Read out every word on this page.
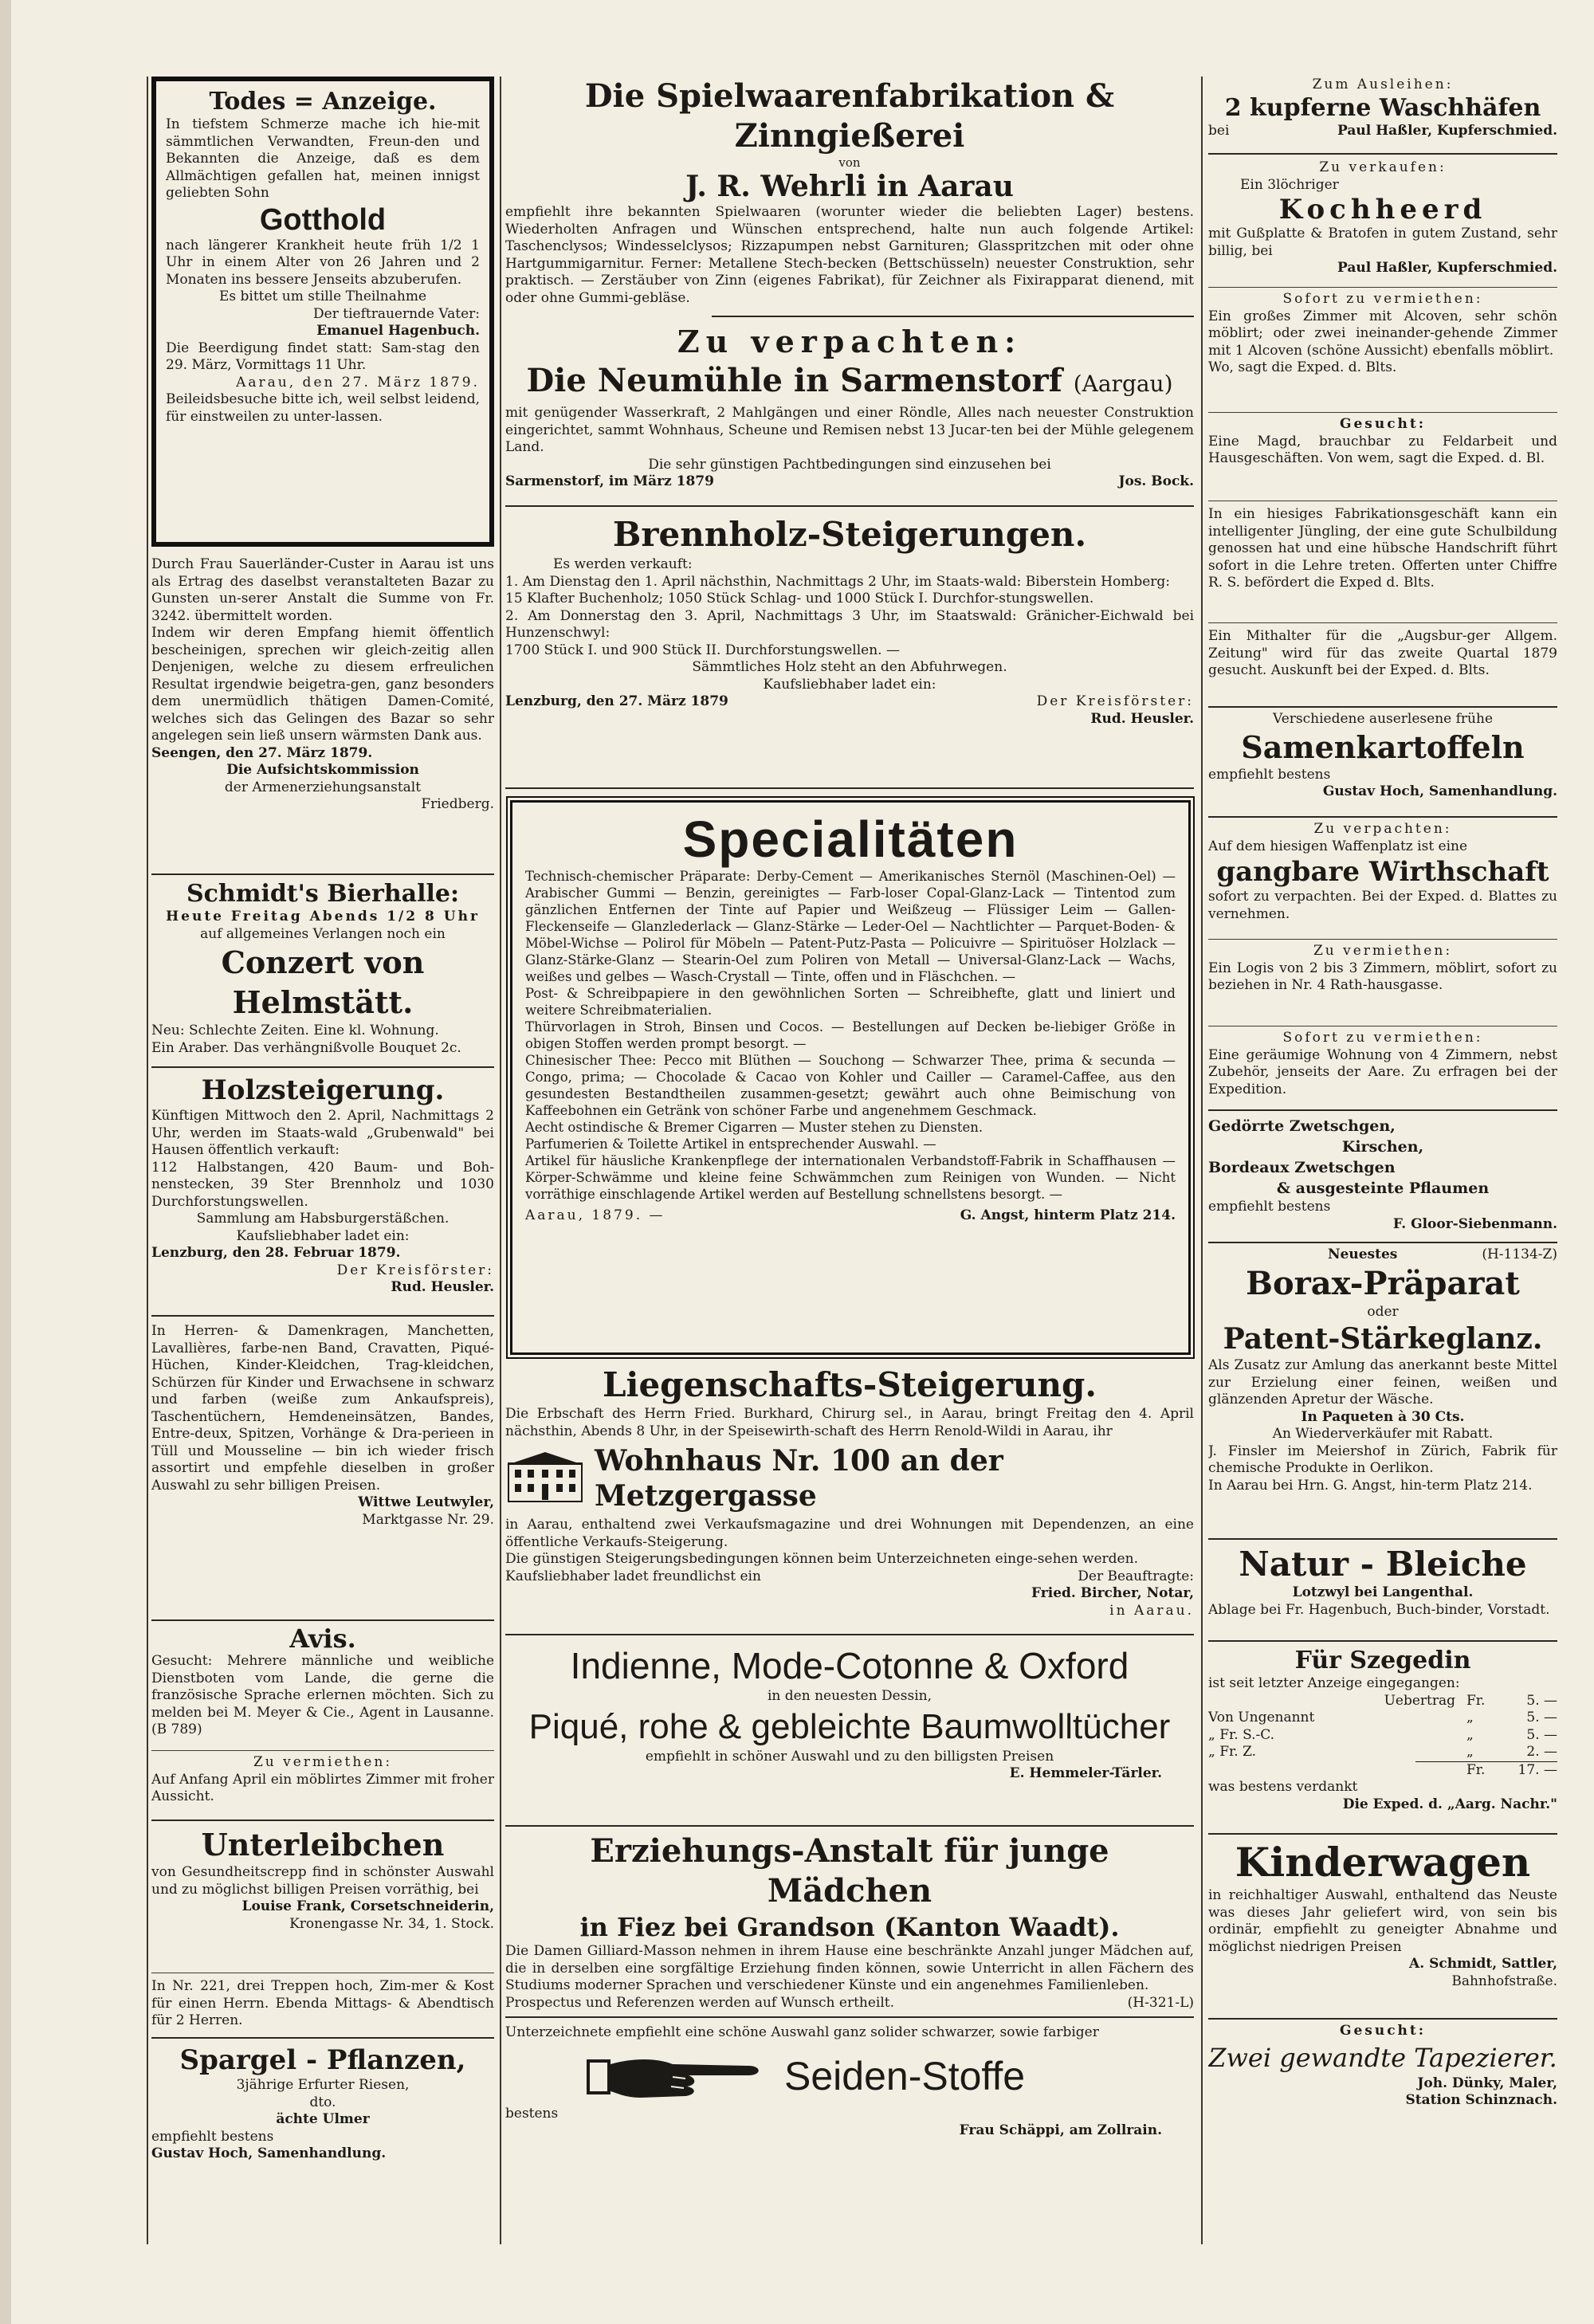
Todes = Anzeige.

In tiefstem Schmerze mache ich hie-mit sämmtlichen Verwandten, Freun-den und Bekannten die Anzeige, daß es dem Allmächtigen gefallen hat, meinen innigst geliebten Sohn

Gotthold

nach längerer Krankheit heute früh 1/2 1 Uhr in einem Alter von 26 Jahren und 2 Monaten ins bessere Jenseits abzuberufen.

Es bittet um stille Theilnahme

Der tieftrauernde Vater:

Emanuel Hagenbuch.

Die Beerdigung findet statt: Sam-stag den 29. März, Vormittags 11 Uhr.

Aarau, den 27. März 1879.

Beileidsbesuche bitte ich, weil selbst leidend, für einstweilen zu unter-lassen.

Durch Frau Sauerländer-Custer in Aarau ist uns als Ertrag des daselbst veranstalteten Bazar zu Gunsten un-serer Anstalt die Summe von Fr. 3242. übermittelt worden.

Indem wir deren Empfang hiemit öffentlich bescheinigen, sprechen wir gleich-zeitig allen Denjenigen, welche zu diesem erfreulichen Resultat irgendwie beigetra-gen, ganz besonders dem unermüdlich thätigen Damen-Comité, welches sich das Gelingen des Bazar so sehr angelegen sein ließ unsern wärmsten Dank aus.

Seengen, den 27. März 1879.

Die Aufsichtskommission

der Armenerziehungsanstalt

Friedberg.

Schmidt's Bierhalle:

Heute Freitag Abends 1/2 8 Uhr

auf allgemeines Verlangen noch ein

Conzert von Helmstätt.

Neu: Schlechte Zeiten. Eine kl. Wohnung.

Ein Araber. Das verhängnißvolle Bouquet 2c.

Holzsteigerung.

Künftigen Mittwoch den 2. April, Nachmittags 2 Uhr, werden im Staats-wald „Grubenwald" bei Hausen öffentlich verkauft:

112 Halbstangen, 420 Baum- und Boh-nenstecken, 39 Ster Brennholz und 1030 Durchforstungswellen.

Sammlung am Habsburgerstäßchen.

Kaufsliebhaber ladet ein:

Lenzburg, den 28. Februar 1879.

Der Kreisförster:

Rud. Heusler.

In Herren- & Damenkragen, Manchetten, Lavallières, farbe-nen Band, Cravatten, Piqué-Hüchen, Kinder-Kleidchen, Trag-kleidchen, Schürzen für Kinder und Erwachsene in schwarz und farben (weiße zum Ankaufspreis), Taschentüchern, Hemdeneinsätzen, Bandes, Entre-deux, Spitzen, Vorhänge & Dra-perieen in Tüll und Mousseline — bin ich wieder frisch assortirt und empfehle dieselben in großer Auswahl zu sehr billigen Preisen.

Wittwe Leutwyler,

Marktgasse Nr. 29.

Avis.

Gesucht: Mehrere männliche und weibliche Dienstboten vom Lande, die gerne die französische Sprache erlernen möchten. Sich zu melden bei M. Meyer & Cie., Agent in Lausanne. (B 789)

Zu vermiethen:

Auf Anfang April ein möblirtes Zimmer mit froher Aussicht.

Unterleibchen

von Gesundheitscrepp find in schönster Auswahl und zu möglichst billigen Preisen vorräthig, bei

Louise Frank, Corsetschneiderin,

Kronengasse Nr. 34, 1. Stock.

In Nr. 221, drei Treppen hoch, Zim-mer & Kost für einen Herrn. Ebenda Mittags- & Abendtisch für 2 Herren.

Spargel - Pflanzen,

3jährige Erfurter Riesen,

dto.

ächte Ulmer

empfiehlt bestens

Gustav Hoch, Samenhandlung.

Die Spielwaarenfabrikation & Zinngießerei

von

J. R. Wehrli in Aarau

empfiehlt ihre bekannten Spielwaaren (worunter wieder die beliebten Lager) bestens. Wiederholten Anfragen und Wünschen entsprechend, halte nun auch folgende Artikel: Taschenclysos; Windesselclysos; Rizzapumpen nebst Garnituren; Glasspritzchen mit oder ohne Hartgummigarnitur. Ferner: Metallene Stech-becken (Bettschüsseln) neuester Construktion, sehr praktisch. — Zerstäuber von Zinn (eigenes Fabrikat), für Zeichner als Fixirapparat dienend, mit oder ohne Gummi-gebläse.

Zu verpachten:

Die Neumühle in Sarmenstorf (Aargau)

mit genügender Wasserkraft, 2 Mahlgängen und einer Röndle, Alles nach neuester Construktion eingerichtet, sammt Wohnhaus, Scheune und Remisen nebst 13 Jucar-ten bei der Mühle gelegenem Land.

Die sehr günstigen Pachtbedingungen sind einzusehen bei

Sarmenstorf, im März 1879	Jos. Bock.

Brennholz-Steigerungen.

Es werden verkauft:

1. Am Dienstag den 1. April nächsthin, Nachmittags 2 Uhr, im Staats-wald: Biberstein Homberg:

15 Klafter Buchenholz; 1050 Stück Schlag- und 1000 Stück I. Durchfor-stungswellen.

2. Am Donnerstag den 3. April, Nachmittags 3 Uhr, im Staatswald: Gränicher-Eichwald bei Hunzenschwyl:

1700 Stück I. und 900 Stück II. Durchforstungswellen. —

Sämmtliches Holz steht an den Abfuhrwegen.

Kaufsliebhaber ladet ein:

Lenzburg, den 27. März 1879	Der Kreisförster:

Rud. Heusler.

Specialitäten

Technisch-chemischer Präparate: Derby-Cement — Amerikanisches Sternöl (Maschinen-Oel) — Arabischer Gummi — Benzin, gereinigtes — Farb-loser Copal-Glanz-Lack — Tintentod zum gänzlichen Entfernen der Tinte auf Papier und Weißzeug — Flüssiger Leim — Gallen-Fleckenseife — Glanzlederlack — Glanz-Stärke — Leder-Oel — Nachtlichter — Parquet-Boden- & Möbel-Wichse — Polirol für Möbeln — Patent-Putz-Pasta — Policuivre — Spirituöser Holzlack — Glanz-Stärke-Glanz — Stearin-Oel zum Poliren von Metall — Universal-Glanz-Lack — Wachs, weißes und gelbes — Wasch-Crystall — Tinte, offen und in Fläschchen. —

Post- & Schreibpapiere in den gewöhnlichen Sorten — Schreibhefte, glatt und liniert und weitere Schreibmaterialien.

Thürvorlagen in Stroh, Binsen und Cocos. — Bestellungen auf Decken be-liebiger Größe in obigen Stoffen werden prompt besorgt. —

Chinesischer Thee: Pecco mit Blüthen — Souchong — Schwarzer Thee, prima & secunda — Congo, prima; — Chocolade & Cacao von Kohler und Cailler — Caramel-Caffee, aus den gesundesten Bestandtheilen zusammen-gesetzt; gewährt auch ohne Beimischung von Kaffeebohnen ein Getränk von schöner Farbe und angenehmem Geschmack.

Aecht ostindische & Bremer Cigarren — Muster stehen zu Diensten.

Parfumerien & Toilette Artikel in entsprechender Auswahl. —

Artikel für häusliche Krankenpflege der internationalen Verbandstoff-Fabrik in Schaffhausen — Körper-Schwämme und kleine feine Schwämmchen zum Reinigen von Wunden. — Nicht vorräthige einschlagende Artikel werden auf Bestellung schnellstens besorgt. —

Aarau, 1879. —	G. Angst, hinterm Platz 214.

Liegenschafts-Steigerung.

Die Erbschaft des Herrn Fried. Burkhard, Chirurg sel., in Aarau, bringt Freitag den 4. April nächsthin, Abends 8 Uhr, in der Speisewirth-schaft des Herrn Renold-Wildi in Aarau, ihr

Wohnhaus Nr. 100 an der Metzgergasse

in Aarau, enthaltend zwei Verkaufsmagazine und drei Wohnungen mit Dependenzen, an eine öffentliche Verkaufs-Steigerung.

Die günstigen Steigerungsbedingungen können beim Unterzeichneten einge-sehen werden.

Kaufsliebhaber ladet freundlichst ein	Der Beauftragte:

Fried. Bircher, Notar,

in Aarau.

Indienne, Mode-Cotonne & Oxford

in den neuesten Dessin,

Piqué, rohe & gebleichte Baumwolltücher

empfiehlt in schöner Auswahl und zu den billigsten Preisen

E. Hemmeler-Tärler.

Erziehungs-Anstalt für junge Mädchen

in Fiez bei Grandson (Kanton Waadt).

Die Damen Gilliard-Masson nehmen in ihrem Hause eine beschränkte Anzahl junger Mädchen auf, die in derselben eine sorgfältige Erziehung finden können, sowie Unterricht in allen Fächern des Studiums moderner Sprachen und verschiedener Künste und ein angenehmes Familienleben.

Prospectus und Referenzen werden auf Wunsch ertheilt.	(H-321-L)

Unterzeichnete empfiehlt eine schöne Auswahl ganz solider schwarzer, sowie farbiger

Seiden-Stoffe

bestens

Frau Schäppi, am Zollrain.

Zum Ausleihen:

2 kupferne Waschhäfen

bei	Paul Haßler, Kupferschmied.

Zu verkaufen:

Ein 3löchriger

Kochheerd

mit Gußplatte & Bratofen in gutem Zustand, sehr billig, bei

Paul Haßler, Kupferschmied.

Sofort zu vermiethen:

Ein großes Zimmer mit Alcoven, sehr schön möblirt; oder zwei ineinander-gehende Zimmer mit 1 Alcoven (schöne Aussicht) ebenfalls möblirt.

Wo, sagt die Exped. d. Blts.

Gesucht:

Eine Magd, brauchbar zu Feldarbeit und Hausgeschäften. Von wem, sagt die Exped. d. Bl.

In ein hiesiges Fabrikationsgeschäft kann ein intelligenter Jüngling, der eine gute Schulbildung genossen hat und eine hübsche Handschrift führt sofort in die Lehre treten. Offerten unter Chiffre R. S. befördert die Exped d. Blts.

Ein Mithalter für die „Augsbur-ger Allgem. Zeitung" wird für das zweite Quartal 1879 gesucht. Auskunft bei der Exped. d. Blts.

Verschiedene auserlesene frühe

Samenkartoffeln

empfiehlt bestens

Gustav Hoch, Samenhandlung.

Zu verpachten:

Auf dem hiesigen Waffenplatz ist eine

gangbare Wirthschaft

sofort zu verpachten. Bei der Exped. d. Blattes zu vernehmen.

Zu vermiethen:

Ein Logis von 2 bis 3 Zimmern, möblirt, sofort zu beziehen in Nr. 4 Rath-hausgasse.

Sofort zu vermiethen:

Eine geräumige Wohnung von 4 Zimmern, nebst Zubehör, jenseits der Aare. Zu erfragen bei der Expedition.

Gedörrte Zwetschgen,

Kirschen,

Bordeaux Zwetschgen

& ausgesteinte Pflaumen

empfiehlt bestens

F. Gloor-Siebenmann.

Neuestes	(H-1134-Z)

Borax-Präparat

oder

Patent-Stärkeglanz.

Als Zusatz zur Amlung das anerkannt beste Mittel zur Erzielung einer feinen, weißen und glänzenden Apretur der Wäsche.

In Paqueten à 30 Cts.

An Wiederverkäufer mit Rabatt.

J. Finsler im Meiershof in Zürich, Fabrik für chemische Produkte in Oerlikon.

In Aarau bei Hrn. G. Angst, hin-term Platz 214.

Natur - Bleiche

Lotzwyl bei Langenthal.

Ablage bei Fr. Hagenbuch, Buch-binder, Vorstadt.

Für Szegedin

ist seit letzter Anzeige eingegangen:

Uebertrag Fr.	5. —
Von Ungenannt	„	5. —
„ Fr. S.-C.	„	5. —
„ Fr. Z.	„	2. —
Fr.	17. —

was bestens verdankt

Die Exped. d. „Aarg. Nachr."

Kinderwagen

in reichhaltiger Auswahl, enthaltend das Neuste was dieses Jahr geliefert wird, von sein bis ordinär, empfiehlt zu geneigter Abnahme und möglichst niedrigen Preisen

A. Schmidt, Sattler,

Bahnhofstraße.

Gesucht:

Zwei gewandte Tapezierer.

Joh. Dünky, Maler,

Station Schinznach.
